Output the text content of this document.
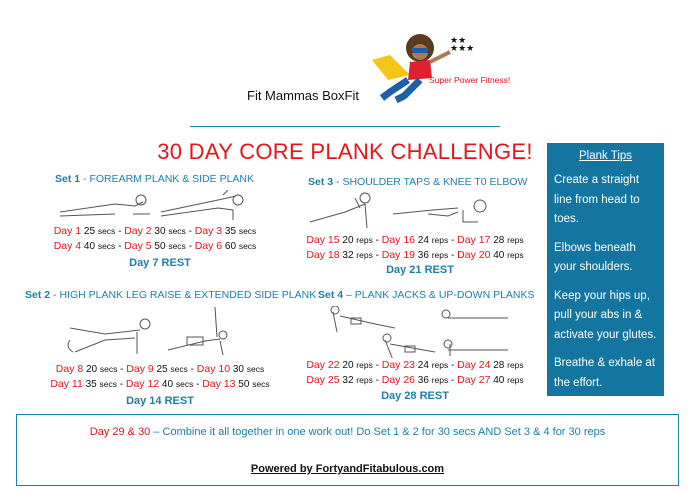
Fit Mammas BoxFit
★★
★★★
Super Power Fitness!
30 DAY CORE PLANK CHALLENGE!
Set 1 - FOREARM PLANK & SIDE PLANK
Day 1 25 secs - Day 2 30 secs - Day 3 35 secs
Day 4 40 secs - Day 5 50 secs - Day 6 60 secs
Day 7 REST
Set 2 - HIGH PLANK LEG RAISE & EXTENDED SIDE PLANK
Day 8 20 secs - Day 9 25 secs - Day 10 30 secs
Day 11 35 secs - Day 12 40 secs - Day 13 50 secs
Day 14 REST
Set 3 - SHOULDER TAPS & KNEE T0 ELBOW
Day 15 20 reps - Day 16 24 reps - Day 17 28 reps
Day 18 32 reps - Day 19 36 reps - Day 20 40 reps
Day 21 REST
Set 4 – PLANK JACKS & UP-DOWN PLANKS
Day 22 20 reps - Day 23 24 reps - Day 24 28 reps
Day 25 32 reps - Day 26 36 reps - Day 27 40 reps
Day 28 REST
Plank Tips

Create a straight line from head to toes.

Elbows beneath your shoulders.

Keep your hips up, pull your abs in & activate your glutes.

Breathe & exhale at the effort.

Day 29 & 30 – Combine it all together in one work out! Do Set 1 & 2 for 30 secs AND Set 3 & 4 for 30 reps
Powered by FortyandFitabulous.com
